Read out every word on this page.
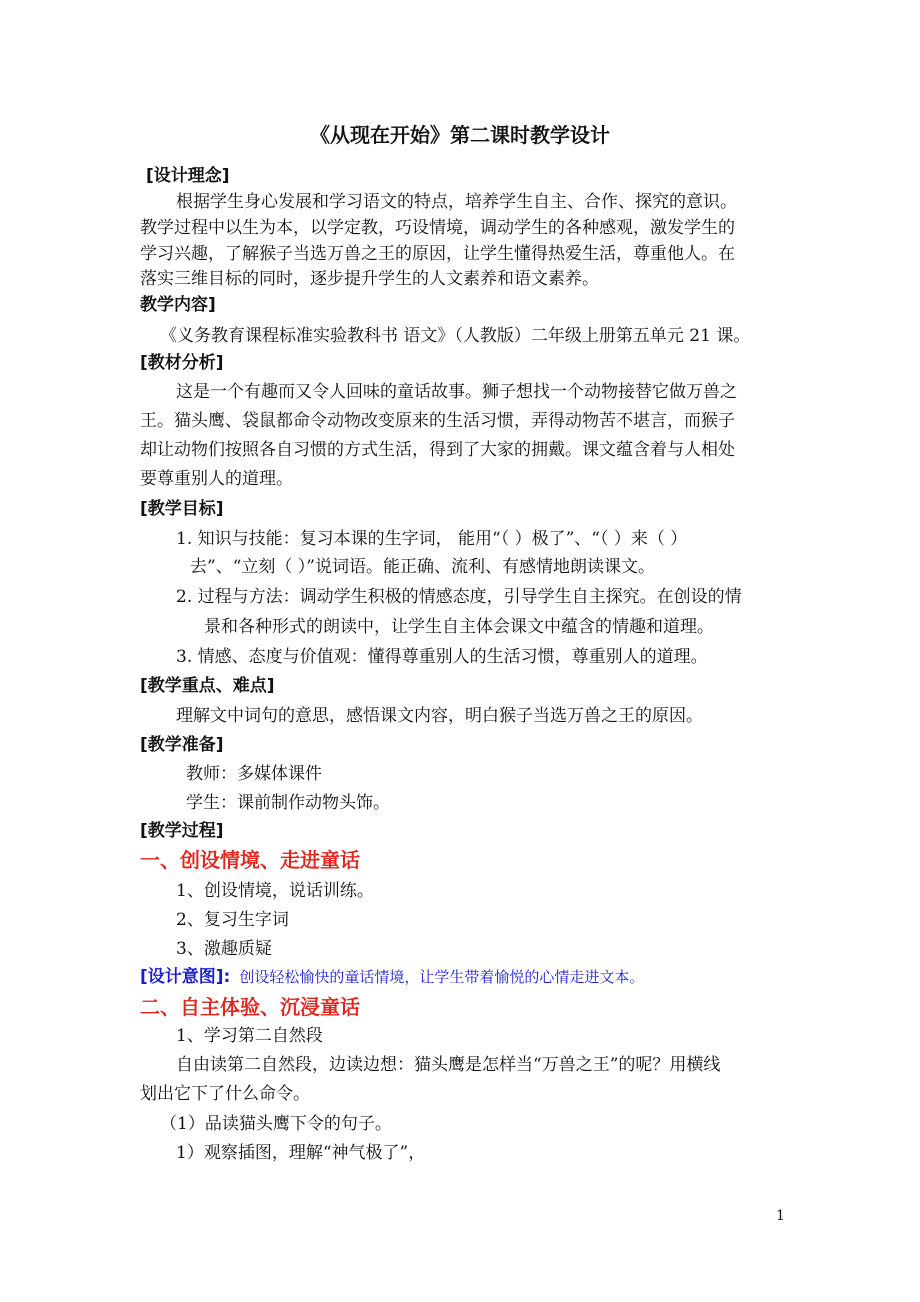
《从现在开始》第二课时教学设计
[设计理念]
根据学生身心发展和学习语文的特点，培养学生自主、合作、探究的意识。
教学过程中以生为本，以学定教，巧设情境，调动学生的各种感观，激发学生的
学习兴趣，了解猴子当选万兽之王的原因，让学生懂得热爱生活，尊重他人。在
落实三维目标的同时，逐步提升学生的人文素养和语文素养。
教学内容]
《义务教育课程标准实验教科书 语文》（人教版）二年级上册第五单元 21 课。
[教材分析]
这是一个有趣而又令人回味的童话故事。狮子想找一个动物接替它做万兽之
王。猫头鹰、袋鼠都命令动物改变原来的生活习惯，弄得动物苦不堪言，而猴子
却让动物们按照各自习惯的方式生活，得到了大家的拥戴。课文蕴含着与人相处
要尊重别人的道理。
[教学目标]
1. 知识与技能：复习本课的生字词， 能用“（ ）极了”、“（ ）来（ ）
去”、“立刻（ ）”说词语。能正确、流利、有感情地朗读课文。
2. 过程与方法：调动学生积极的情感态度，引导学生自主探究。在创设的情
景和各种形式的朗读中，让学生自主体会课文中蕴含的情趣和道理。
3. 情感、态度与价值观：懂得尊重别人的生活习惯，尊重别人的道理。
[教学重点、难点]
理解文中词句的意思，感悟课文内容，明白猴子当选万兽之王的原因。
[教学准备]
教师：多媒体课件
学生：课前制作动物头饰。
[教学过程]
一、创设情境、走进童话
1、创设情境，说话训练。
2、复习生字词
3、激趣质疑
[设计意图]: 创设轻松愉快的童话情境，让学生带着愉悦的心情走进文本。
二、自主体验、沉浸童话
1、学习第二自然段
自由读第二自然段，边读边想：猫头鹰是怎样当“万兽之王”的呢？用横线
划出它下了什么命令。
（1）品读猫头鹰下令的句子。
1）观察插图，理解“神气极了”，
1
